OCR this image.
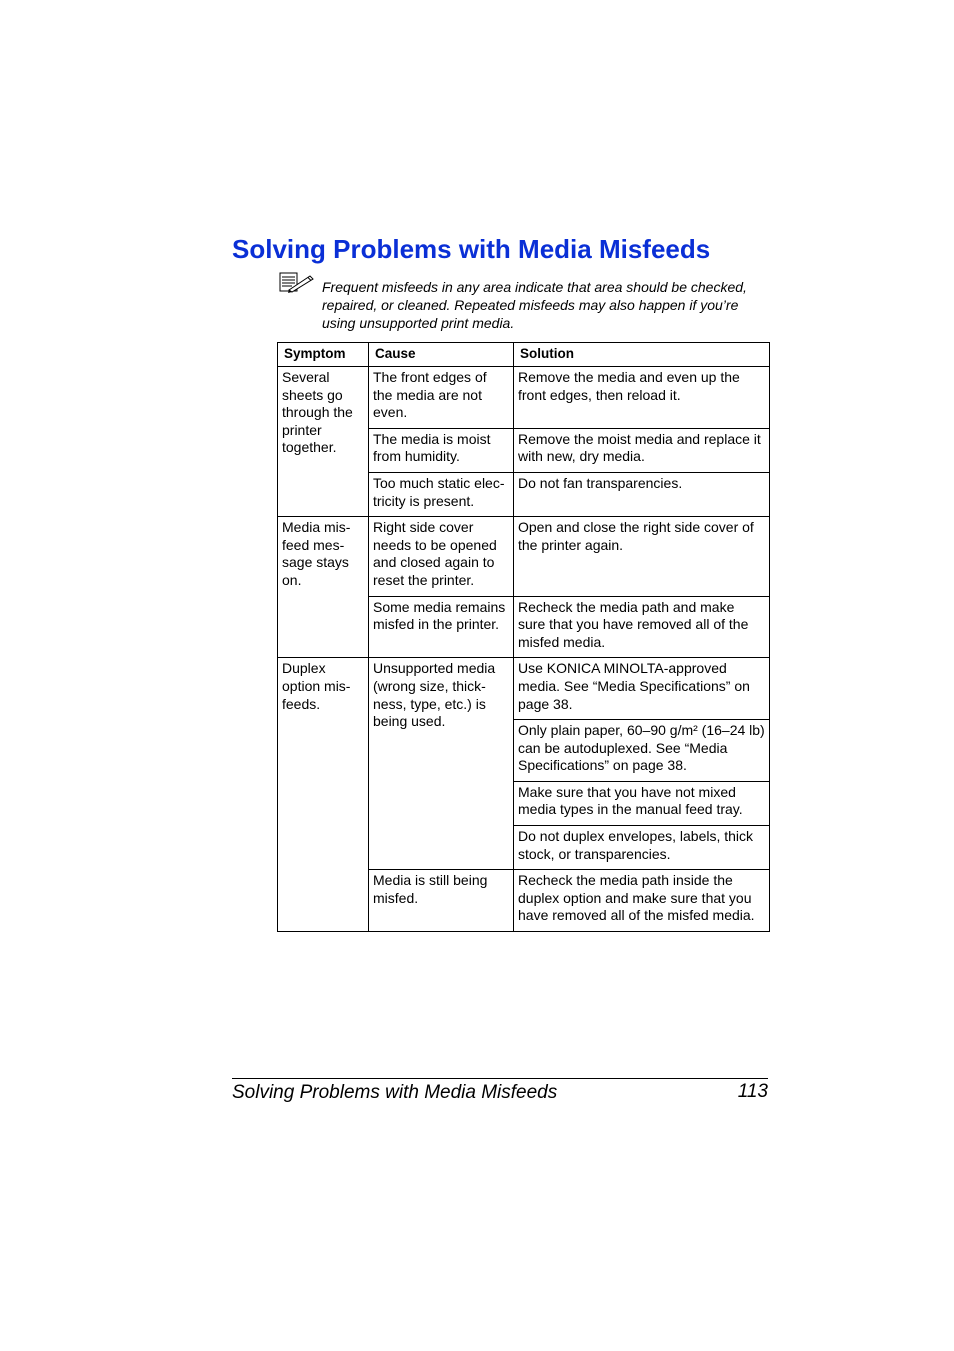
Solving Problems with Media Misfeeds

Frequent misfeeds in any area indicate that area should be checked, repaired, or cleaned. Repeated misfeeds may also happen if you’re using unsupported print media.

Symptom	Cause	Solution
Several sheets go through the printer together.	The front edges of the media are not even.	Remove the media and even up the front edges, then reload it.
	The media is moist from humidity.	Remove the moist media and replace it with new, dry media.
	Too much static elec-tricity is present.	Do not fan transparencies.
Media mis-feed mes-sage stays on.	Right side cover needs to be opened and closed again to reset the printer.	Open and close the right side cover of the printer again.
	Some media remains misfed in the printer.	Recheck the media path and make sure that you have removed all of the misfed media.
Duplex option mis-feeds.	Unsupported media (wrong size, thick-ness, type, etc.) is being used.	Use KONICA MINOLTA-approved media. See “Media Specifications” on page 38.
		Only plain paper, 60–90 g/m² (16–24 lb) can be autoduplexed. See “Media Specifications” on page 38.
		Make sure that you have not mixed media types in the manual feed tray.
		Do not duplex envelopes, labels, thick stock, or transparencies.
	Media is still being misfed.	Recheck the media path inside the duplex option and make sure that you have removed all of the misfed media.

Solving Problems with Media Misfeeds	113
